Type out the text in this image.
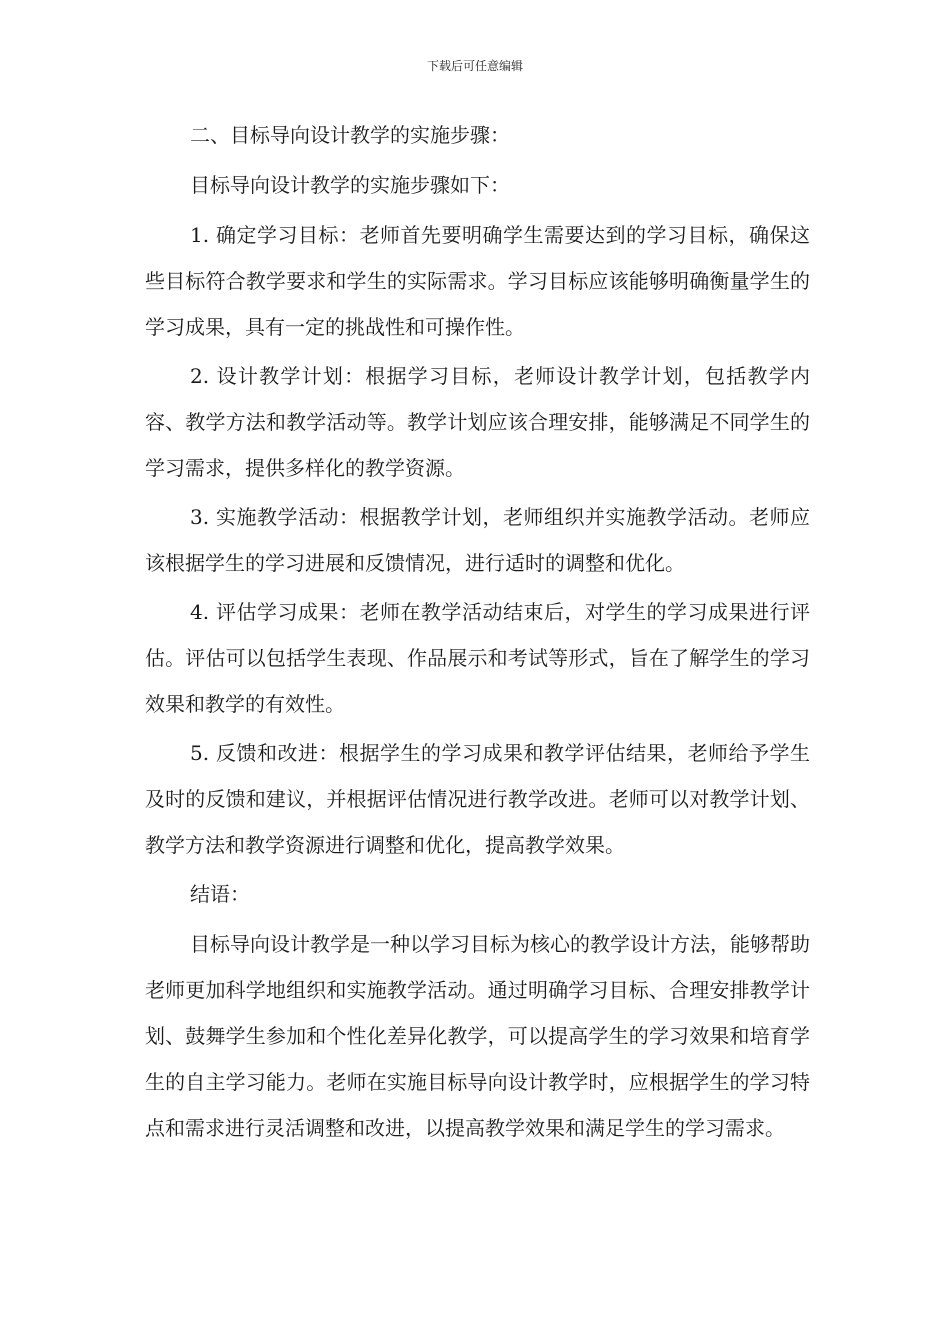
下载后可任意编辑

二、目标导向设计教学的实施步骤：

目标导向设计教学的实施步骤如下：

1. 确定学习目标：老师首先要明确学生需要达到的学习目标，确保这些目标符合教学要求和学生的实际需求。学习目标应该能够明确衡量学生的学习成果，具有一定的挑战性和可操作性。

2. 设计教学计划：根据学习目标，老师设计教学计划，包括教学内容、教学方法和教学活动等。教学计划应该合理安排，能够满足不同学生的学习需求，提供多样化的教学资源。

3. 实施教学活动：根据教学计划，老师组织并实施教学活动。老师应该根据学生的学习进展和反馈情况，进行适时的调整和优化。

4. 评估学习成果：老师在教学活动结束后，对学生的学习成果进行评估。评估可以包括学生表现、作品展示和考试等形式，旨在了解学生的学习效果和教学的有效性。

5. 反馈和改进：根据学生的学习成果和教学评估结果，老师给予学生及时的反馈和建议，并根据评估情况进行教学改进。老师可以对教学计划、教学方法和教学资源进行调整和优化，提高教学效果。

结语：

目标导向设计教学是一种以学习目标为核心的教学设计方法，能够帮助老师更加科学地组织和实施教学活动。通过明确学习目标、合理安排教学计划、鼓舞学生参加和个性化差异化教学，可以提高学生的学习效果和培育学生的自主学习能力。老师在实施目标导向设计教学时，应根据学生的学习特点和需求进行灵活调整和改进，以提高教学效果和满足学生的学习需求。
